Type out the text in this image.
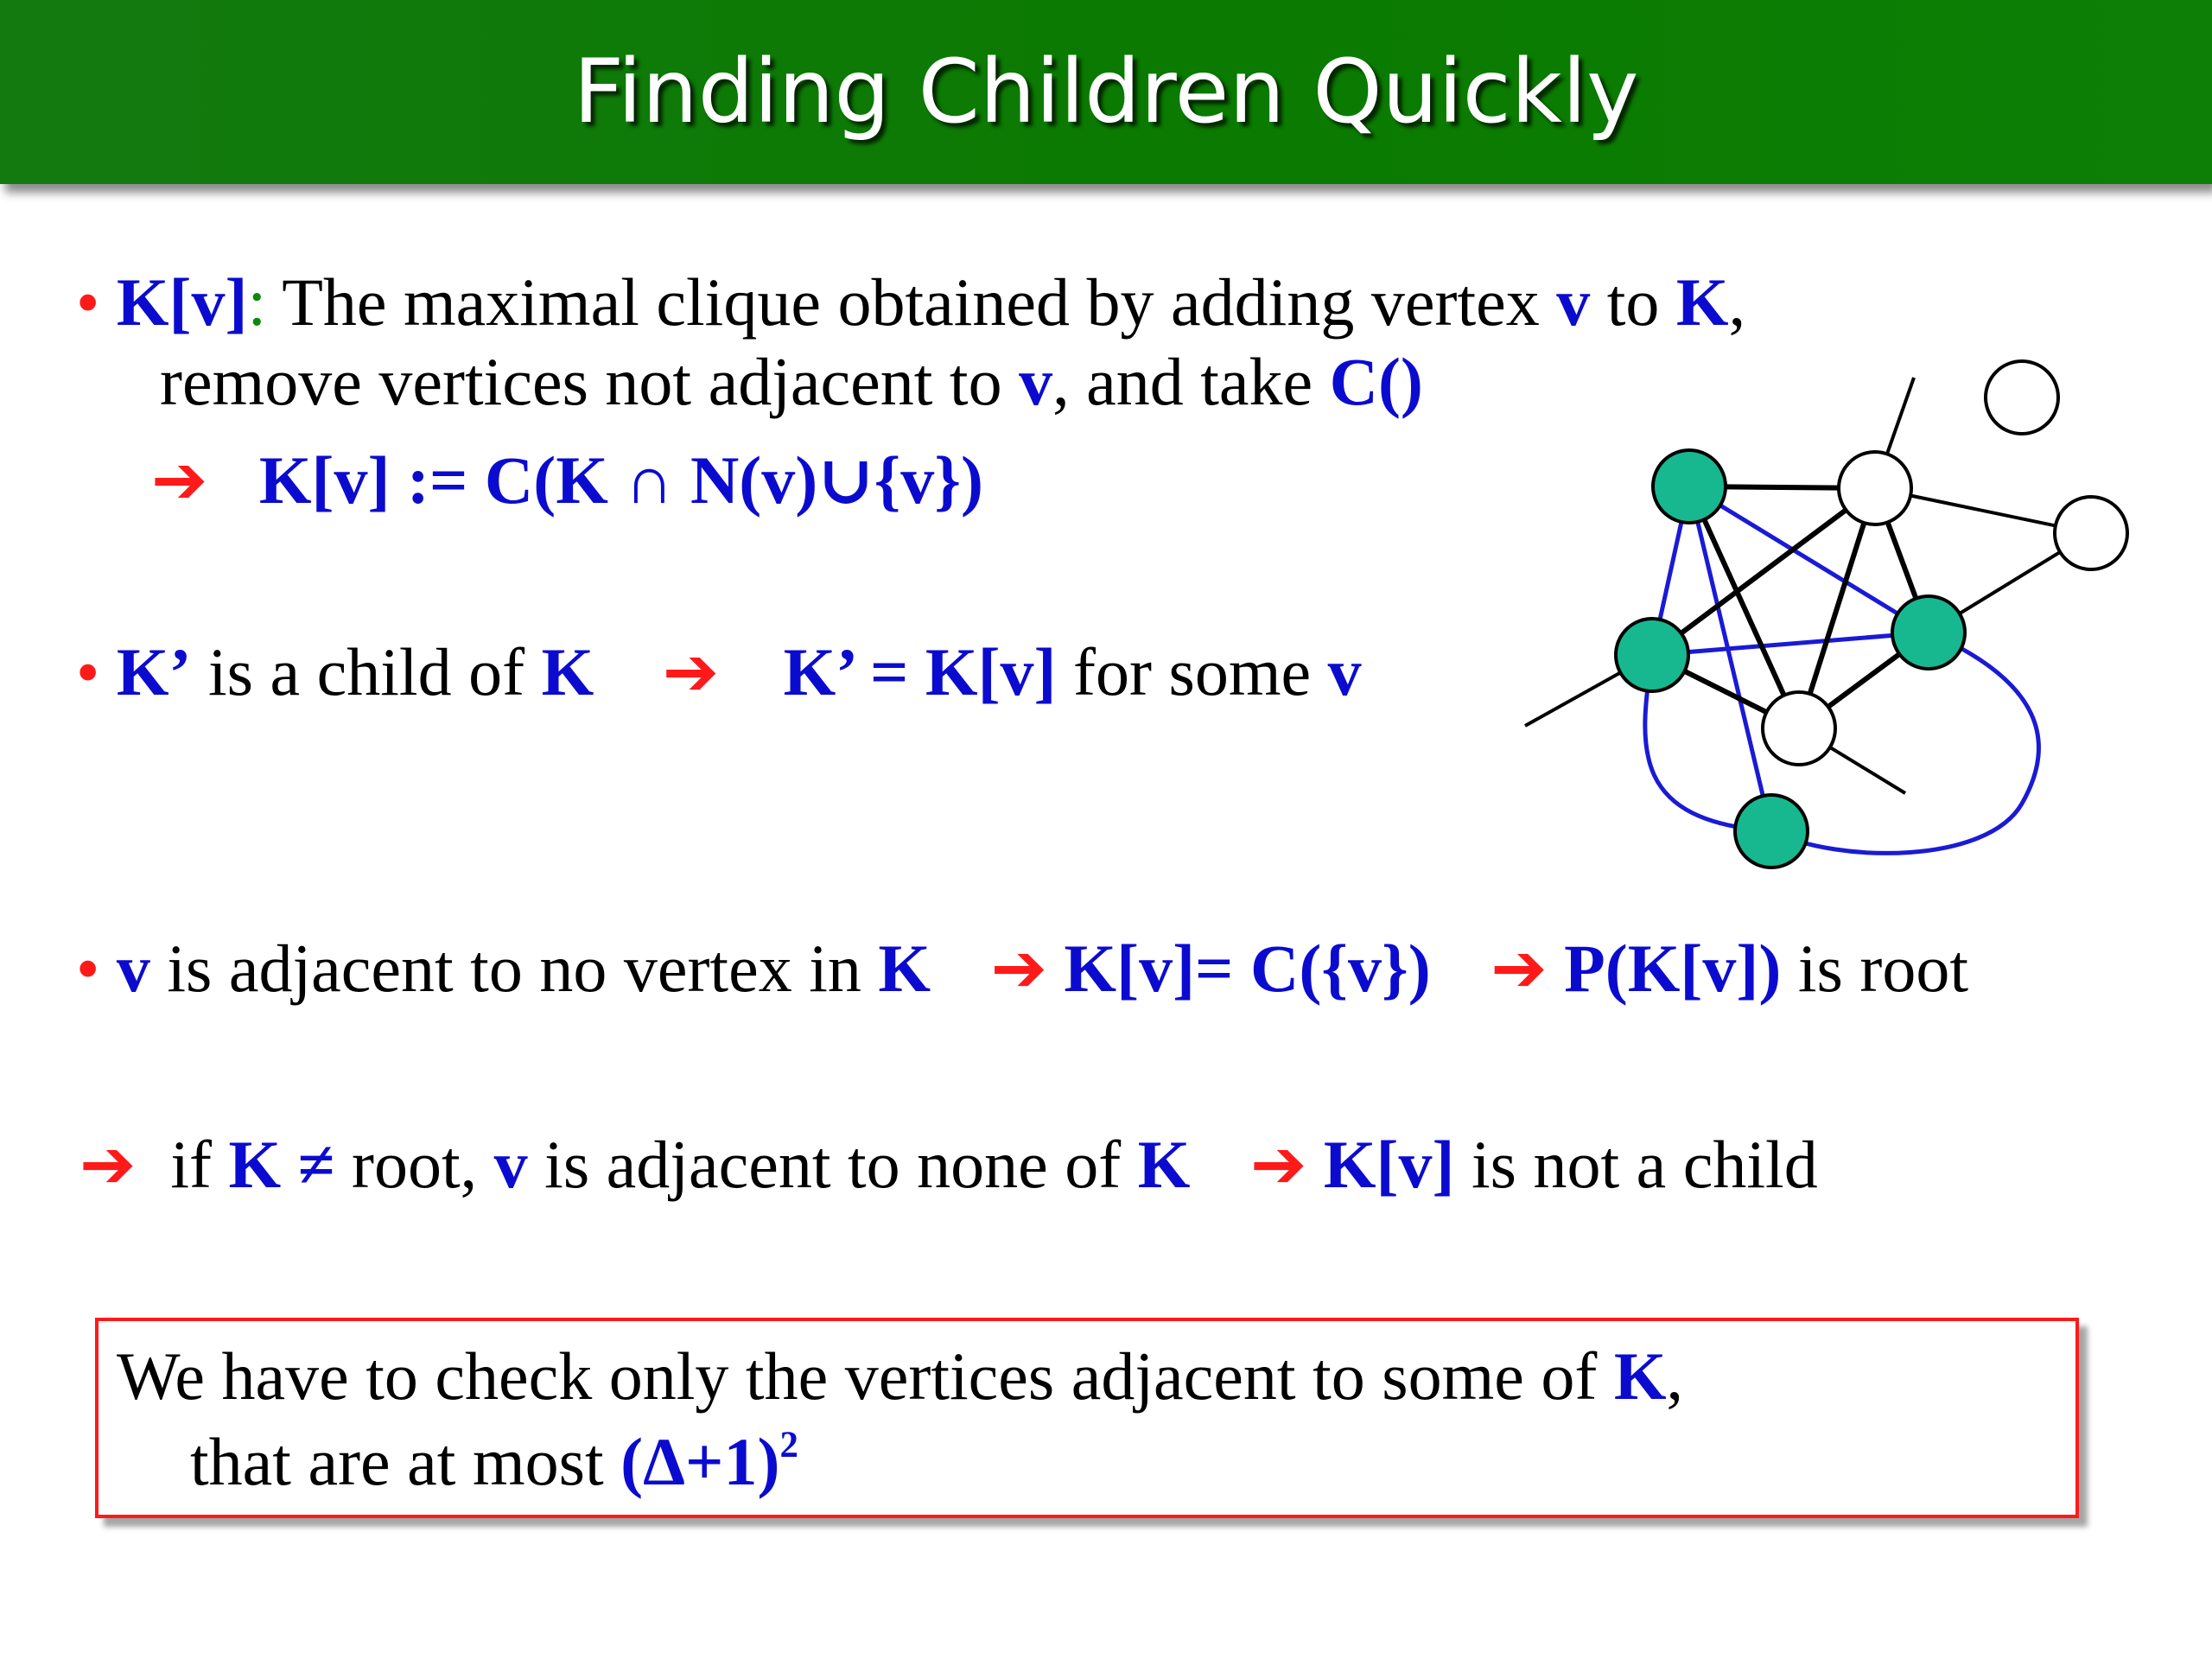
Finding Children Quickly
• K[v]: The maximal clique obtained by adding vertex v to K,
remove vertices not adjacent to v, and take C()
➔ K[v] := C(K ∩ N(v)∪{v})
• K’ is a child of K ➔ K’ = K[v] for some v
• v is adjacent to no vertex in K ➔ K[v]= C({v}) ➔ P(K[v]) is root
➔ if K ≠ root, v is adjacent to none of K ➔ K[v] is not a child
We have to check only the vertices adjacent to some of K,
that are at most $(\Delta+1)^2$
